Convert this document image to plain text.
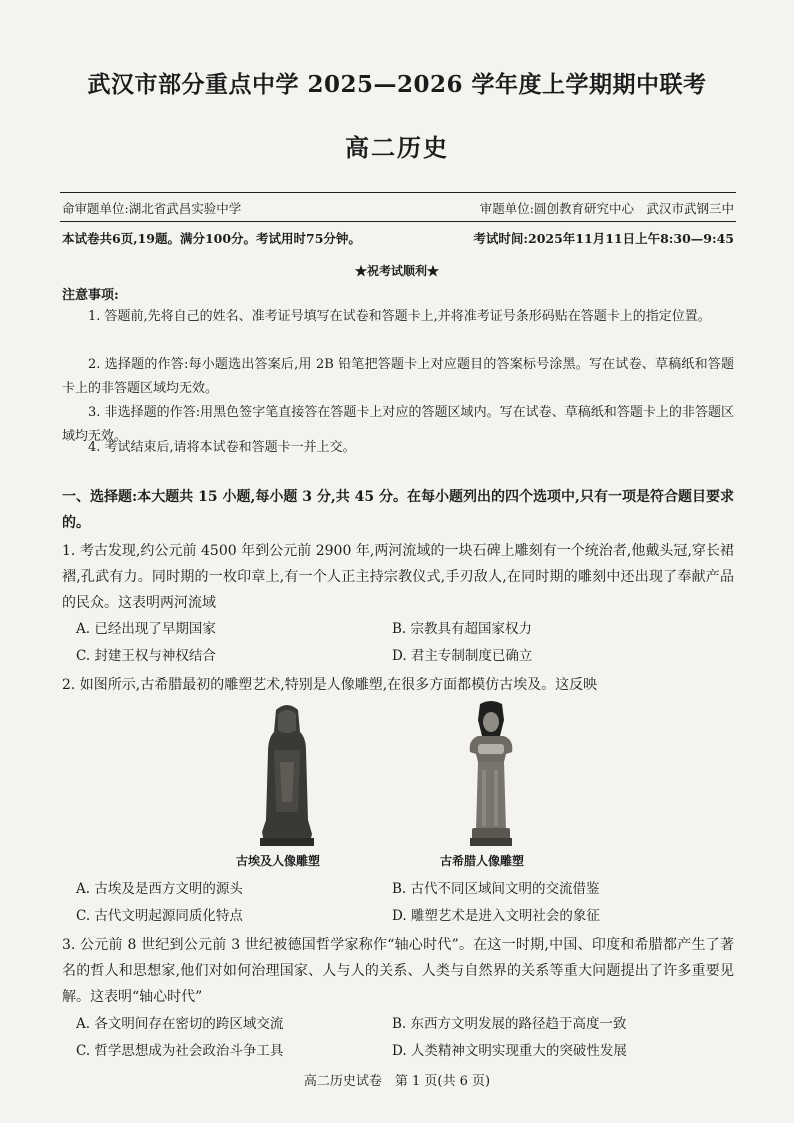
武汉市部分重点中学 2025—2026 学年度上学期期中联考
高二历史
命审题单位:湖北省武昌实验中学	审题单位:圆创教育研究中心　武汉市武钢三中
本试卷共6页,19题。满分100分。考试用时75分钟。	考试时间:2025年11月11日上午8:30—9:45
★祝考试顺利★
注意事项:
1. 答题前,先将自己的姓名、准考证号填写在试卷和答题卡上,并将准考证号条形码贴在答题卡上的指定位置。
2. 选择题的作答:每小题选出答案后,用 2B 铅笔把答题卡上对应题目的答案标号涂黑。写在试卷、草稿纸和答题卡上的非答题区域均无效。
3. 非选择题的作答:用黑色签字笔直接答在答题卡上对应的答题区域内。写在试卷、草稿纸和答题卡上的非答题区域均无效。
4. 考试结束后,请将本试卷和答题卡一并上交。
一、选择题:本大题共 15 小题,每小题 3 分,共 45 分。在每小题列出的四个选项中,只有一项是符合题目要求的。
1. 考古发现,约公元前 4500 年到公元前 2900 年,两河流域的一块石碑上雕刻有一个统治者,他戴头冠,穿长裙褶,孔武有力。同时期的一枚印章上,有一个人正主持宗教仪式,手刃敌人,在同时期的雕刻中还出现了奉献产品的民众。这表明两河流域
A. 已经出现了早期国家	B. 宗教具有超国家权力
C. 封建王权与神权结合	D. 君主专制制度已确立
2. 如图所示,古希腊最初的雕塑艺术,特别是人像雕塑,在很多方面都模仿古埃及。这反映
古埃及人像雕塑	古希腊人像雕塑
A. 古埃及是西方文明的源头	B. 古代不同区域间文明的交流借鉴
C. 古代文明起源同质化特点	D. 雕塑艺术是进入文明社会的象征
3. 公元前 8 世纪到公元前 3 世纪被德国哲学家称作“轴心时代”。在这一时期,中国、印度和希腊都产生了著名的哲人和思想家,他们对如何治理国家、人与人的关系、人类与自然界的关系等重大问题提出了许多重要见解。这表明“轴心时代”
A. 各文明间存在密切的跨区域交流	B. 东西方文明发展的路径趋于高度一致
C. 哲学思想成为社会政治斗争工具	D. 人类精神文明实现重大的突破性发展
高二历史试卷　第 1 页(共 6 页)
